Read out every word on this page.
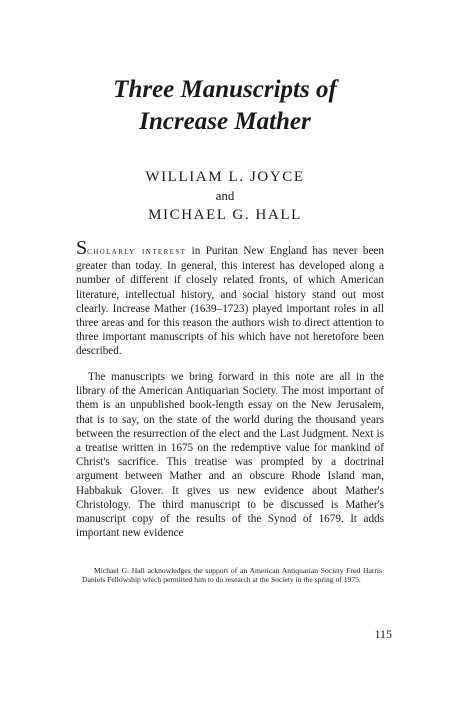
Three Manuscripts of
Increase Mather
WILLIAM L. JOYCE
and
MICHAEL G. HALL

Scholarly interest in Puritan New England has never been greater than today. In general, this interest has developed along a number of different if closely related fronts, of which American literature, intellectual history, and social history stand out most clearly. Increase Mather (1639–1723) played important roles in all three areas and for this reason the authors wish to direct attention to three important manuscripts of his which have not heretofore been described.

The manuscripts we bring forward in this note are all in the library of the American Antiquarian Society. The most important of them is an unpublished book-length essay on the New Jerusalem, that is to say, on the state of the world during the thousand years between the resurrection of the elect and the Last Judgment. Next is a treatise written in 1675 on the redemptive value for mankind of Christ's sacrifice. This treatise was prompted by a doctrinal argument between Mather and an obscure Rhode Island man, Habbakuk Glover. It gives us new evidence about Mather's Christology. The third manuscript to be discussed is Mather's manuscript copy of the results of the Synod of 1679. It adds important new evidence

Michael G. Hall acknowledges the support of an American Antiquarian Society Fred Harris Daniels Fellowship which permitted him to do research at the Society in the spring of 1975.

115
